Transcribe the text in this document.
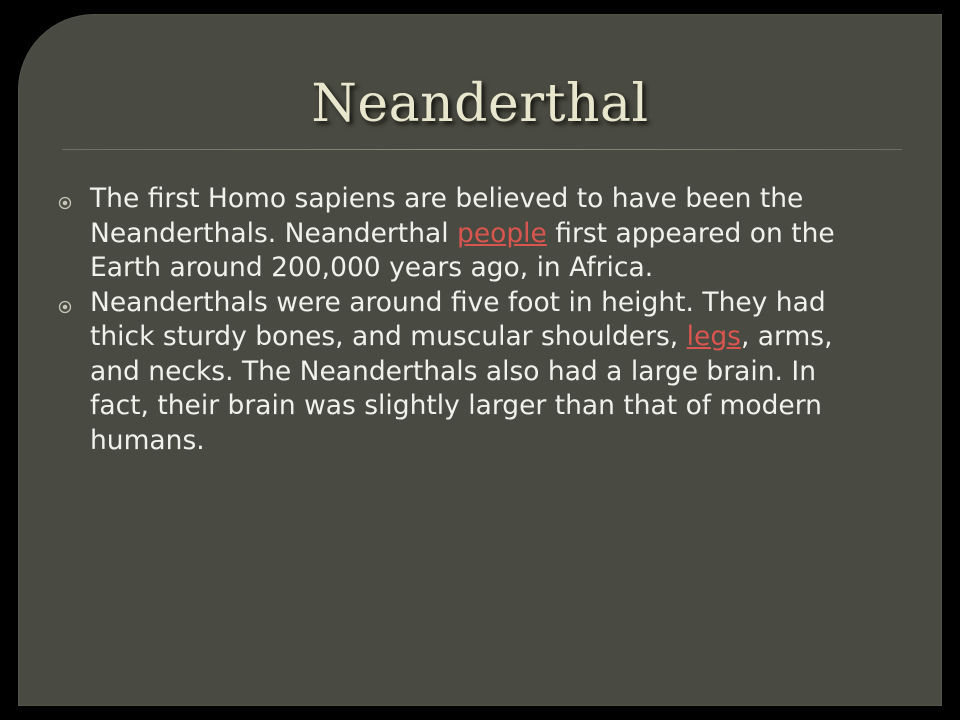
Neanderthal
The first Homo sapiens are believed to have been the Neanderthals. Neanderthal people first appeared on the Earth around 200,000 years ago, in Africa.
Neanderthals were around five foot in height. They had thick sturdy bones, and muscular shoulders, legs, arms, and necks. The Neanderthals also had a large brain. In fact, their brain was slightly larger than that of modern humans.
